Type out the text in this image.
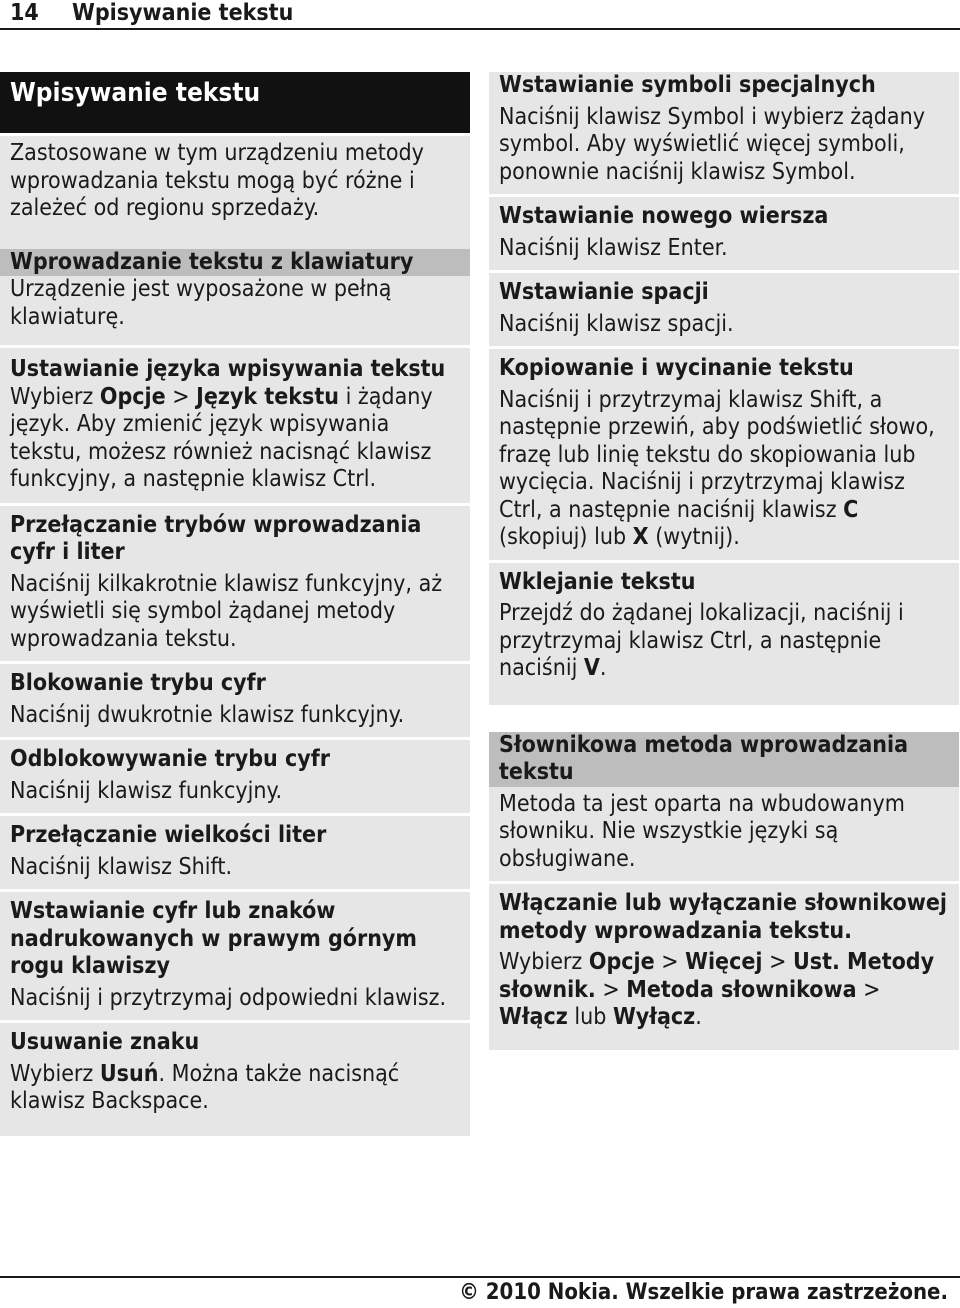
14 Wpisywanie tekstu
Wpisywanie tekstu
Zastosowane w tym urządzeniu metody wprowadzania tekstu mogą być różne i zależeć od regionu sprzedaży.
Wprowadzanie tekstu z klawiatury
Urządzenie jest wyposażone w pełną klawiaturę.
Ustawianie języka wpisywania tekstu
Wybierz Opcje > Język tekstu i żądany język. Aby zmienić język wpisywania tekstu, możesz również nacisnąć klawisz funkcyjny, a następnie klawisz Ctrl.
Przełączanie trybów wprowadzania cyfr i liter
Naciśnij kilkakrotnie klawisz funkcyjny, aż wyświetli się symbol żądanej metody wprowadzania tekstu.
Blokowanie trybu cyfr
Naciśnij dwukrotnie klawisz funkcyjny.
Odblokowywanie trybu cyfr
Naciśnij klawisz funkcyjny.
Przełączanie wielkości liter
Naciśnij klawisz Shift.
Wstawianie cyfr lub znaków nadrukowanych w prawym górnym rogu klawiszy
Naciśnij i przytrzymaj odpowiedni klawisz.
Usuwanie znaku
Wybierz Usuń. Można także nacisnąć klawisz Backspace.
Wstawianie symboli specjalnych
Naciśnij klawisz Symbol i wybierz żądany symbol. Aby wyświetlić więcej symboli, ponownie naciśnij klawisz Symbol.
Wstawianie nowego wiersza
Naciśnij klawisz Enter.
Wstawianie spacji
Naciśnij klawisz spacji.
Kopiowanie i wycinanie tekstu
Naciśnij i przytrzymaj klawisz Shift, a następnie przewiń, aby podświetlić słowo, frazę lub linię tekstu do skopiowania lub wycięcia. Naciśnij i przytrzymaj klawisz Ctrl, a następnie naciśnij klawisz C (skopiuj) lub X (wytnij).
Wklejanie tekstu
Przejdź do żądanej lokalizacji, naciśnij i przytrzymaj klawisz Ctrl, a następnie naciśnij V.
Słownikowa metoda wprowadzania tekstu
Metoda ta jest oparta na wbudowanym słowniku. Nie wszystkie języki są obsługiwane.
Włączanie lub wyłączanie słownikowej metody wprowadzania tekstu.
Wybierz Opcje > Więcej > Ust. Metody słownik. > Metoda słownikowa > Włącz lub Wyłącz.
© 2010 Nokia. Wszelkie prawa zastrzeżone.
